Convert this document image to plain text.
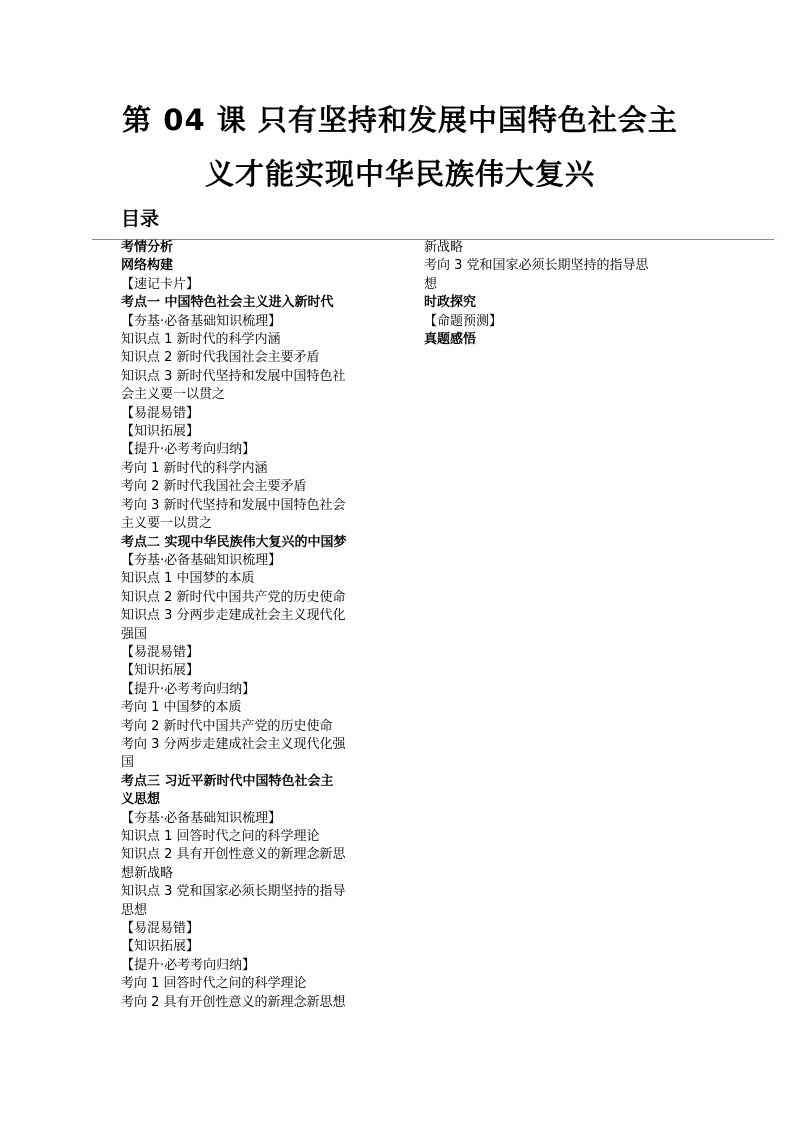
第 04 课 只有坚持和发展中国特色社会主
义才能实现中华民族伟大复兴
目录
考情分析
网络构建
【速记卡片】
考点一 中国特色社会主义进入新时代
【夯基·必备基础知识梳理】
知识点 1 新时代的科学内涵
知识点 2 新时代我国社会主要矛盾
知识点 3 新时代坚持和发展中国特色社
会主义要一以贯之
【易混易错】
【知识拓展】
【提升·必考考向归纳】
考向 1 新时代的科学内涵
考向 2 新时代我国社会主要矛盾
考向 3 新时代坚持和发展中国特色社会
主义要一以贯之
考点二 实现中华民族伟大复兴的中国梦
【夯基·必备基础知识梳理】
知识点 1 中国梦的本质
知识点 2 新时代中国共产党的历史使命
知识点 3 分两步走建成社会主义现代化
强国
【易混易错】
【知识拓展】
【提升·必考考向归纳】
考向 1 中国梦的本质
考向 2 新时代中国共产党的历史使命
考向 3 分两步走建成社会主义现代化强
国
考点三 习近平新时代中国特色社会主
义思想
【夯基·必备基础知识梳理】
知识点 1 回答时代之问的科学理论
知识点 2 具有开创性意义的新理念新思
想新战略
知识点 3 党和国家必须长期坚持的指导
思想
【易混易错】
【知识拓展】
【提升·必考考向归纳】
考向 1 回答时代之问的科学理论
考向 2 具有开创性意义的新理念新思想
新战略
考向 3 党和国家必须长期坚持的指导思
想
时政探究
【命题预测】
真题感悟
